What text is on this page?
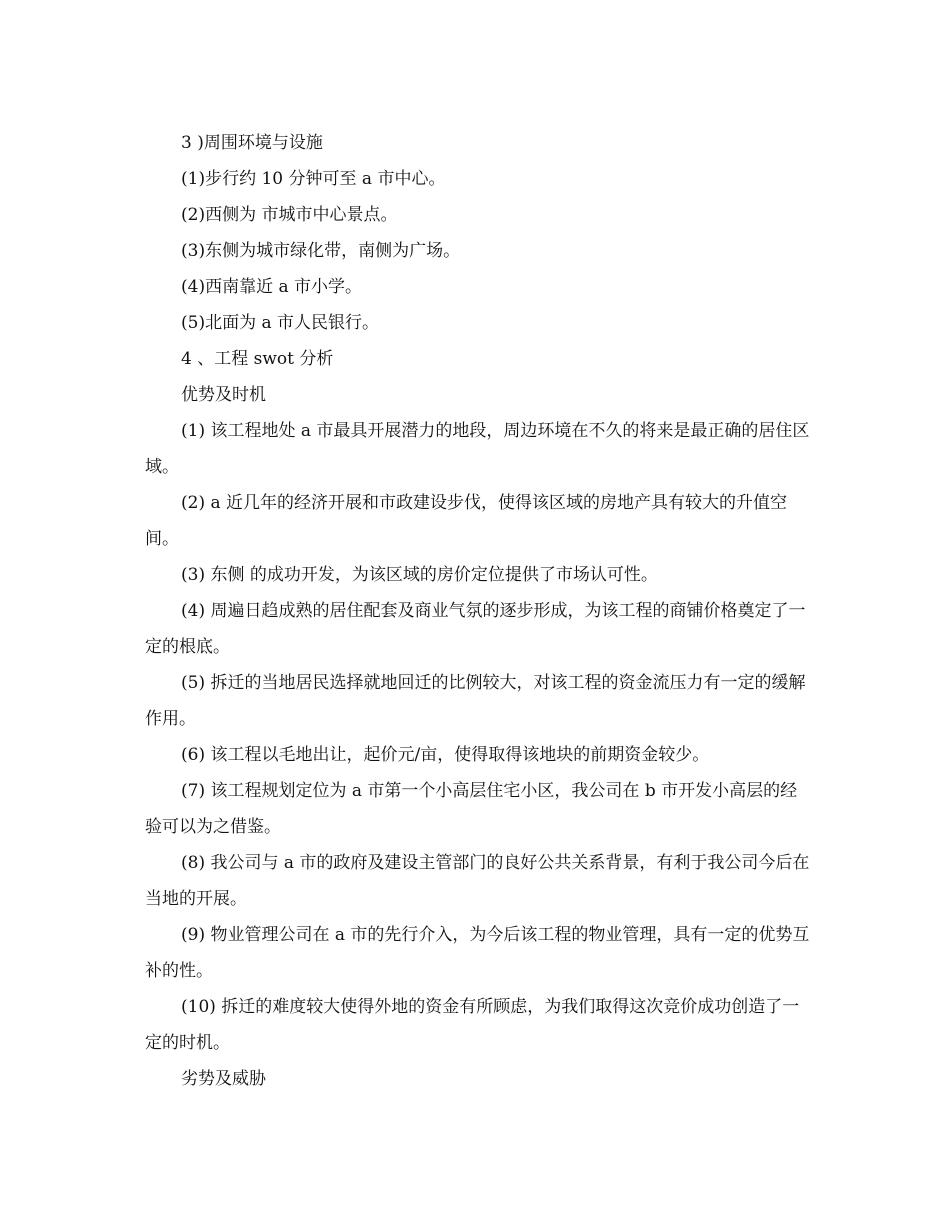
3 )周围环境与设施

(1)步行约 10 分钟可至 a 市中心。

(2)西侧为 市城市中心景点。

(3)东侧为城市绿化带，南侧为广场。

(4)西南靠近 a 市小学。

(5)北面为 a 市人民银行。

4 、工程 swot 分析

优势及时机

(1) 该工程地处 a 市最具开展潜力的地段，周边环境在不久的将来是最正确的居住区域。

(2) a 近几年的经济开展和市政建设步伐，使得该区域的房地产具有较大的升值空间。

(3) 东侧 的成功开发，为该区域的房价定位提供了市场认可性。

(4) 周遍日趋成熟的居住配套及商业气氛的逐步形成，为该工程的商铺价格奠定了一定的根底。

(5) 拆迁的当地居民选择就地回迁的比例较大，对该工程的资金流压力有一定的缓解作用。

(6) 该工程以毛地出让，起价元/亩，使得取得该地块的前期资金较少。

(7) 该工程规划定位为 a 市第一个小高层住宅小区，我公司在 b 市开发小高层的经验可以为之借鉴。

(8) 我公司与 a 市的政府及建设主管部门的良好公共关系背景，有利于我公司今后在当地的开展。

(9) 物业管理公司在 a 市的先行介入，为今后该工程的物业管理，具有一定的优势互补的性。

(10) 拆迁的难度较大使得外地的资金有所顾虑，为我们取得这次竞价成功创造了一定的时机。

劣势及威胁
